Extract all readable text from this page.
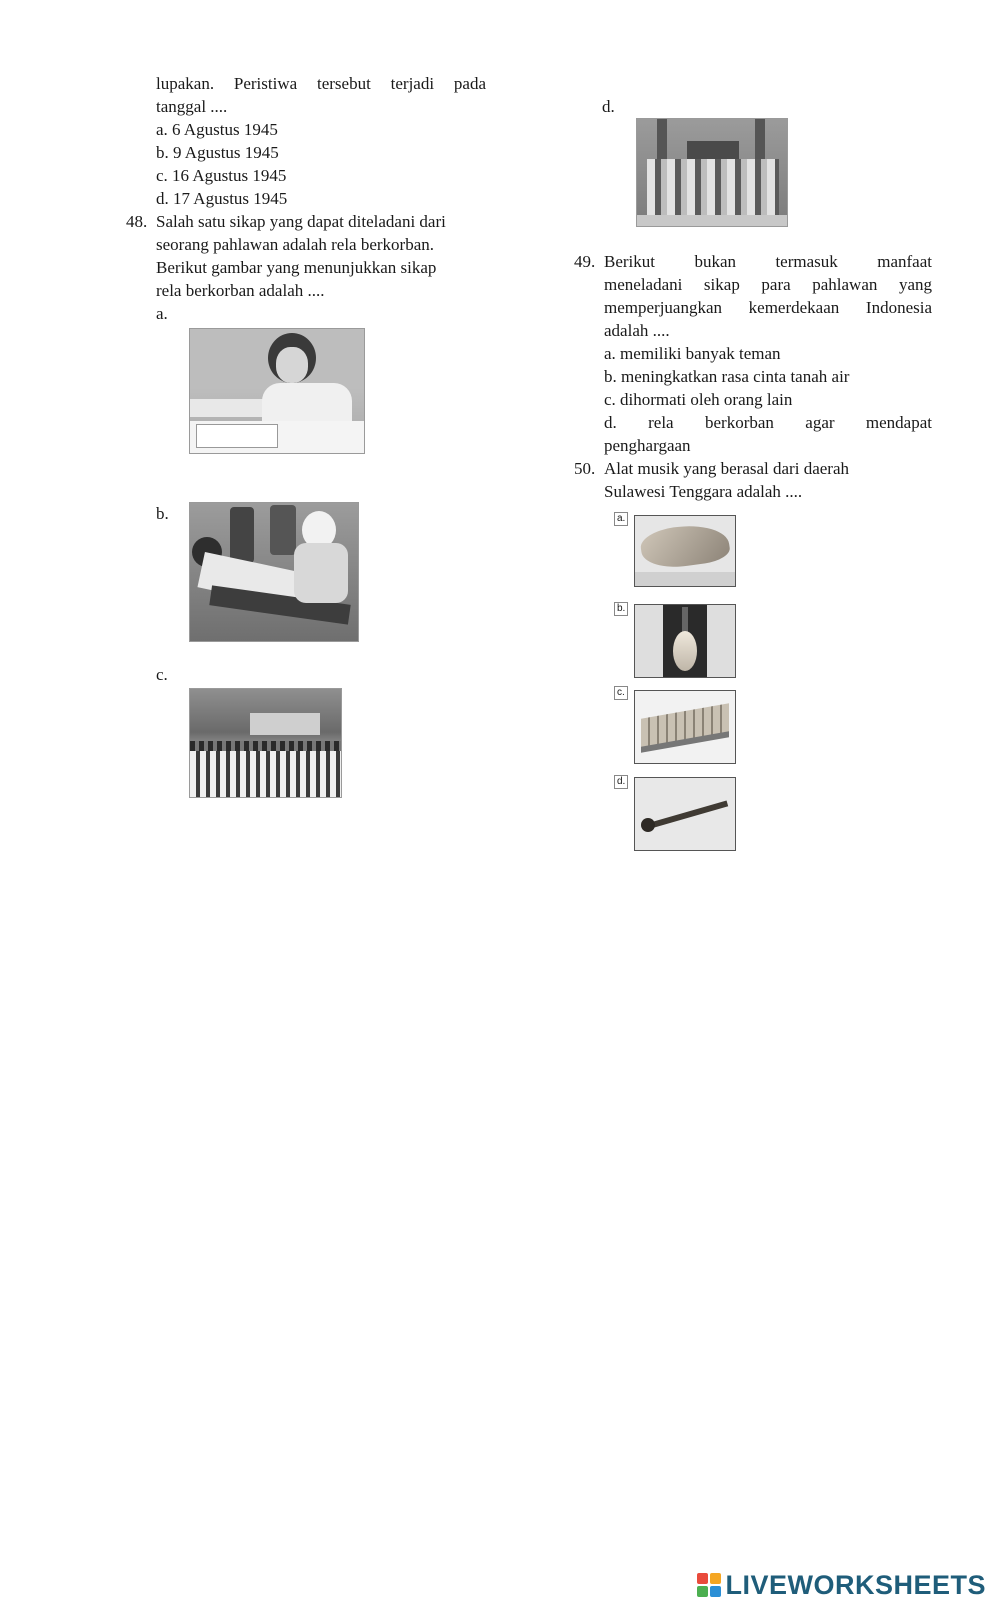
lupakan. Peristiwa tersebut terjadi pada
tanggal ....
a. 6 Agustus 1945
b. 9 Agustus 1945
c. 16 Agustus 1945
d. 17 Agustus 1945
48. Salah satu sikap yang dapat diteladani dari
seorang pahlawan adalah rela berkorban.
Berikut gambar yang menunjukkan sikap
rela berkorban adalah ....
a.
b.
c.
d.
49. Berikut bukan termasuk manfaat
meneladani sikap para pahlawan yang
memperjuangkan kemerdekaan Indonesia
adalah ....
a. memiliki banyak teman
b. meningkatkan rasa cinta tanah air
c. dihormati oleh orang lain
d. rela berkorban agar mendapat
penghargaan
50. Alat musik yang berasal dari daerah
Sulawesi Tenggara adalah ....
a.
b.
c.
d.
LIVEWORKSHEETS
